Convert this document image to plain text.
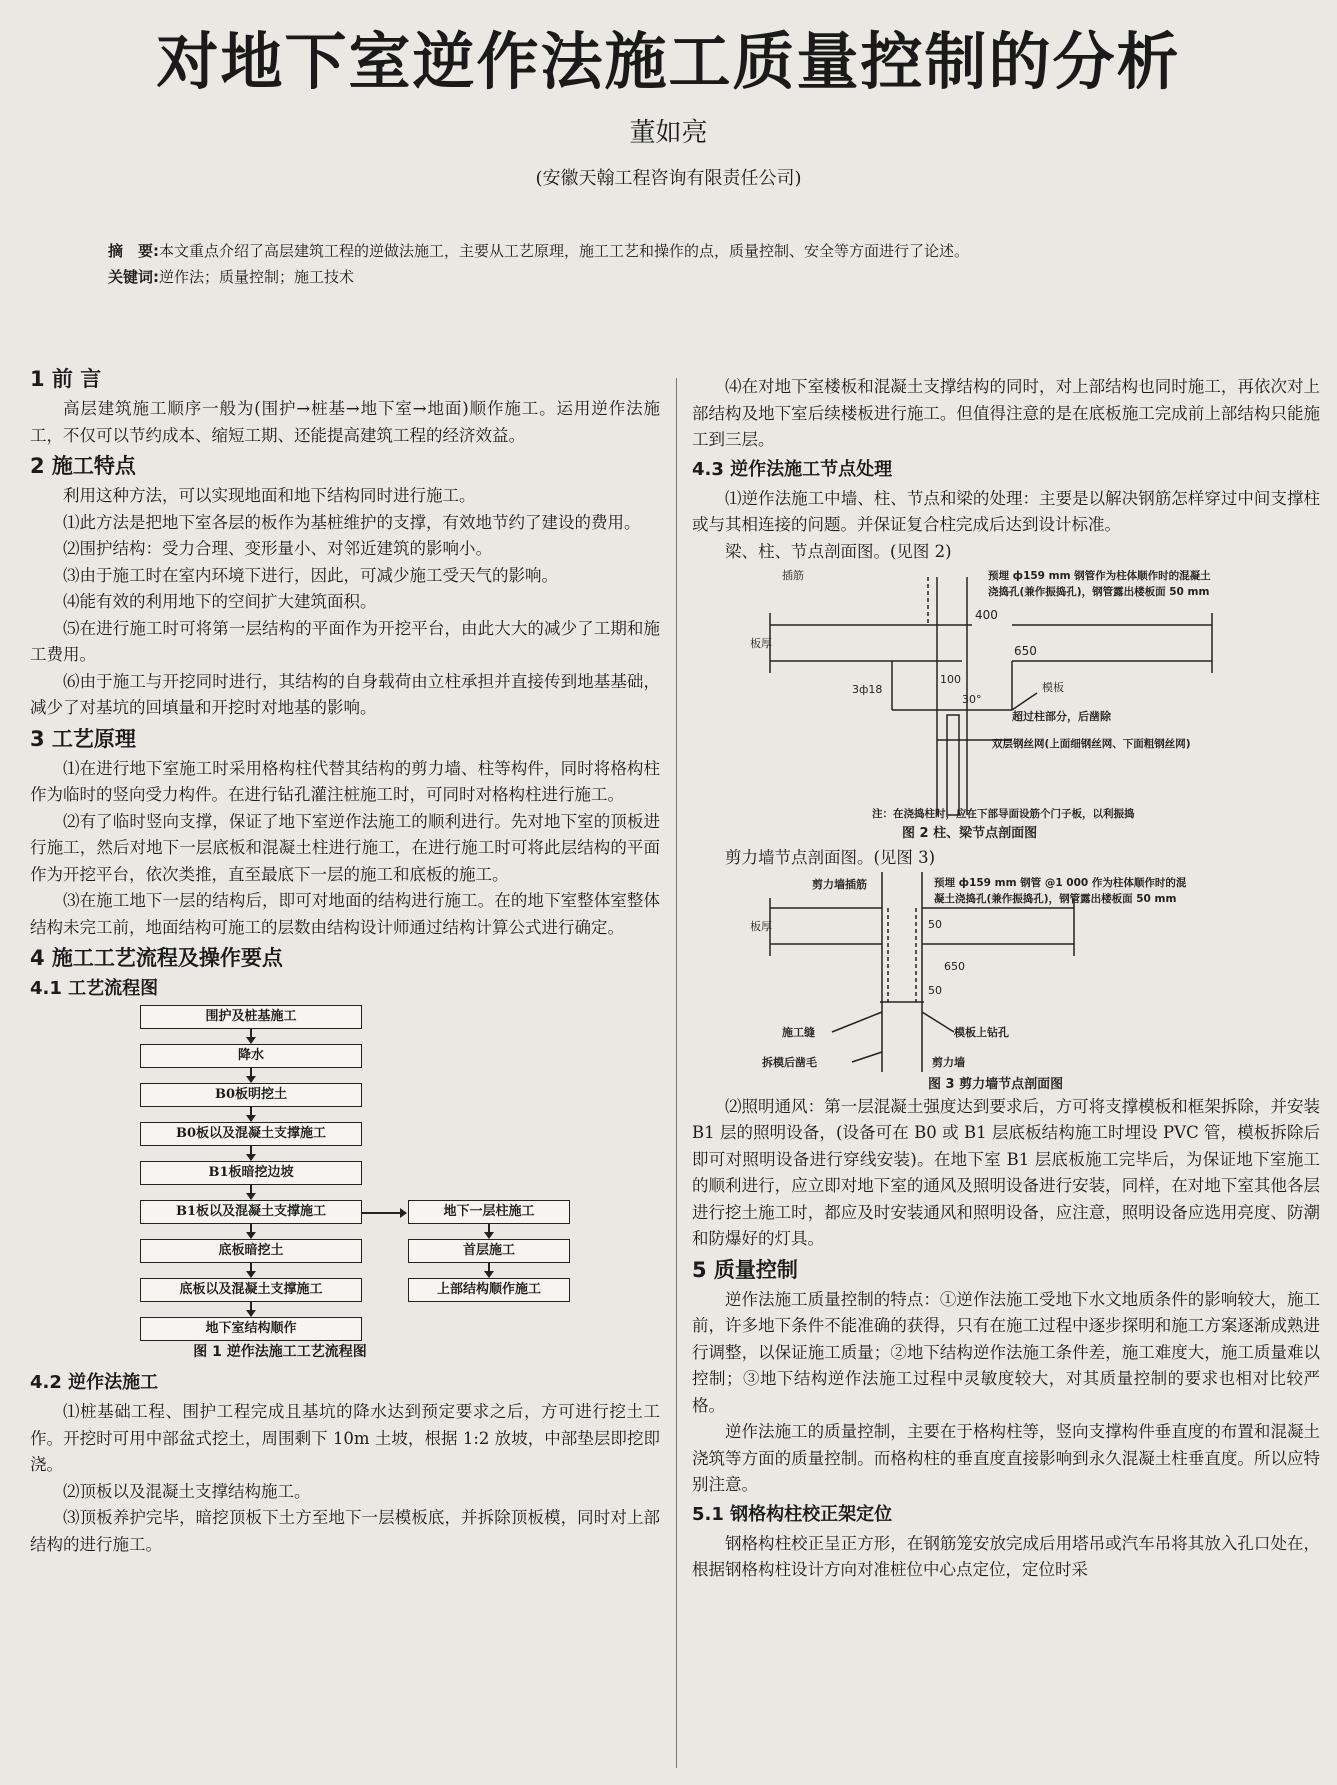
对地下室逆作法施工质量控制的分析
董如亮
(安徽天翰工程咨询有限责任公司)
摘　要:本文重点介绍了高层建筑工程的逆做法施工，主要从工艺原理，施工工艺和操作的点，质量控制、安全等方面进行了论述。
关键词:逆作法；质量控制；施工技术
1 前 言

高层建筑施工顺序一般为(围护→桩基→地下室→地面)顺作施工。运用逆作法施工，不仅可以节约成本、缩短工期、还能提高建筑工程的经济效益。

2 施工特点

利用这种方法，可以实现地面和地下结构同时进行施工。

⑴此方法是把地下室各层的板作为基桩维护的支撑，有效地节约了建设的费用。

⑵围护结构：受力合理、变形量小、对邻近建筑的影响小。

⑶由于施工时在室内环境下进行，因此，可减少施工受天气的影响。

⑷能有效的利用地下的空间扩大建筑面积。

⑸在进行施工时可将第一层结构的平面作为开挖平台，由此大大的减少了工期和施工费用。

⑹由于施工与开挖同时进行，其结构的自身载荷由立柱承担并直接传到地基基础，减少了对基坑的回填量和开挖时对地基的影响。

3 工艺原理

⑴在进行地下室施工时采用格构柱代替其结构的剪力墙、柱等构件，同时将格构柱作为临时的竖向受力构件。在进行钻孔灌注桩施工时，可同时对格构柱进行施工。

⑵有了临时竖向支撑，保证了地下室逆作法施工的顺利进行。先对地下室的顶板进行施工，然后对地下一层底板和混凝土柱进行施工，在进行施工时可将此层结构的平面作为开挖平台，依次类推，直至最底下一层的施工和底板的施工。

⑶在施工地下一层的结构后，即可对地面的结构进行施工。在的地下室整体室整体结构未完工前，地面结构可施工的层数由结构设计师通过结构计算公式进行确定。

4 施工工艺流程及操作要点
4.1 工艺流程图
围护及桩基施工
降水
B0板明挖土
B0板以及混凝土支撑施工
B1板暗挖边坡
B1板以及混凝土支撑施工
底板暗挖土
底板以及混凝土支撑施工
地下室结构顺作
地下一层柱施工
首层施工
上部结构顺作施工
图 1 逆作法施工工艺流程图
4.2 逆作法施工

⑴桩基础工程、围护工程完成且基坑的降水达到预定要求之后，方可进行挖土工作。开挖时可用中部盆式挖土，周围剩下 10m 土坡，根据 1:2 放坡，中部垫层即挖即浇。

⑵顶板以及混凝土支撑结构施工。

⑶顶板养护完毕，暗挖顶板下土方至地下一层模板底，并拆除顶板模，同时对上部结构的进行施工。

⑷在对地下室楼板和混凝土支撑结构的同时，对上部结构也同时施工，再依次对上部结构及地下室后续楼板进行施工。但值得注意的是在底板施工完成前上部结构只能施工到三层。

4.3 逆作法施工节点处理

⑴逆作法施工中墙、柱、节点和梁的处理：主要是以解决钢筋怎样穿过中间支撑柱或与其相连接的问题。并保证复合柱完成后达到设计标准。

梁、柱、节点剖面图。(见图 2)

插筋
板厚
预埋 ф159 mm 钢管作为柱体顺作时的混凝土
浇捣孔(兼作振捣孔)，钢管露出楼板面 50 mm
400
650
100
30°
3ф18	模板
超过柱部分，后凿除
双层钢丝网(上面细钢丝网、下面粗钢丝网)
注：在浇捣柱时，应在下部导面设筋个门子板，以利振捣
图 2 柱、梁节点剖面图

剪力墙节点剖面图。(见图 3)

剪力墙插筋
板厚
预埋 ф159 mm 钢管 @1 000 作为柱体顺作时的混
凝土浇捣孔(兼作振捣孔)，钢管露出楼板面 50 mm
50
650
50
施工缝	模板上钻孔
拆模后凿毛	剪力墙
图 3 剪力墙节点剖面图

⑵照明通风：第一层混凝土强度达到要求后，方可将支撑模板和框架拆除，并安装 B1 层的照明设备，(设备可在 B0 或 B1 层底板结构施工时埋设 PVC 管，模板拆除后即可对照明设备进行穿线安装)。在地下室 B1 层底板施工完毕后，为保证地下室施工的顺利进行，应立即对地下室的通风及照明设备进行安装，同样，在对地下室其他各层进行挖土施工时，都应及时安装通风和照明设备，应注意，照明设备应选用亮度、防潮和防爆好的灯具。

5 质量控制

逆作法施工质量控制的特点：①逆作法施工受地下水文地质条件的影响较大，施工前，许多地下条件不能准确的获得，只有在施工过程中逐步探明和施工方案逐渐成熟进行调整，以保证施工质量；②地下结构逆作法施工条件差，施工难度大，施工质量难以控制；③地下结构逆作法施工过程中灵敏度较大，对其质量控制的要求也相对比较严格。

逆作法施工的质量控制，主要在于格构柱等，竖向支撑构件垂直度的布置和混凝土浇筑等方面的质量控制。而格构柱的垂直度直接影响到永久混凝土柱垂直度。所以应特别注意。

5.1 钢格构柱校正架定位

钢格构柱校正呈正方形，在钢筋笼安放完成后用塔吊或汽车吊将其放入孔口处在，根据钢格构柱设计方向对准桩位中心点定位，定位时采
